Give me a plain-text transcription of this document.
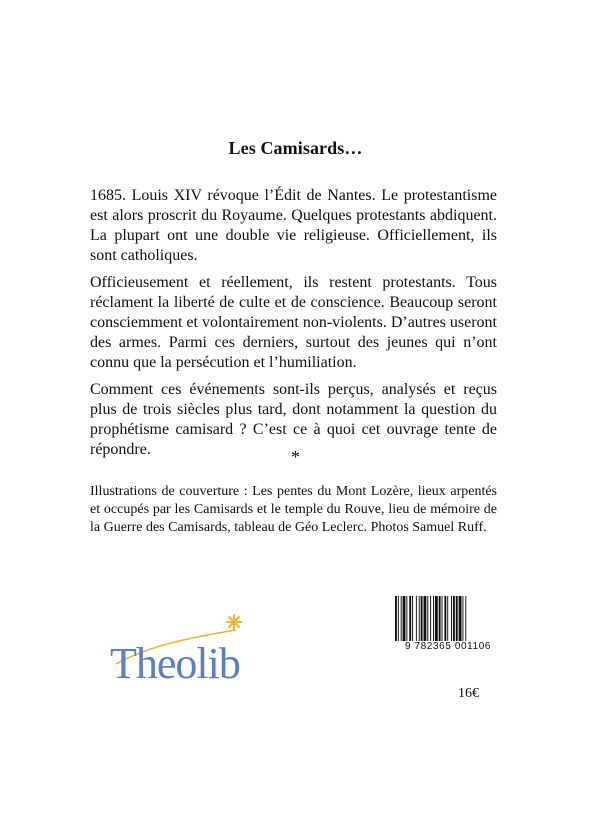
Les Camisards…
1685. Louis XIV révoque l’Édit de Nantes. Le protestantisme est alors proscrit du Royaume. Quelques protestants abdiquent. La plupart ont une double vie religieuse. Officiellement, ils sont catholiques.
Officieusement et réellement, ils restent protestants. Tous réclament la liberté de culte et de conscience. Beaucoup seront consciemment et volontairement non-violents. D’autres useront des armes. Parmi ces derniers, surtout des jeunes qui n’ont connu que la persécution et l’humiliation.
Comment ces événements sont-ils perçus, analysés et reçus plus de trois siècles plus tard, dont notamment la question du prophétisme camisard ? C’est ce à quoi cet ouvrage tente de répondre.	*
Illustrations de couverture : Les pentes du Mont Lozère, lieux arpentés et occupés par les Camisards et le temple du Rouve, lieu de mémoire de la Guerre des Camisards, tableau de Géo Leclerc. Photos Samuel Ruff.
Theolib	9 782365 001106
16€
